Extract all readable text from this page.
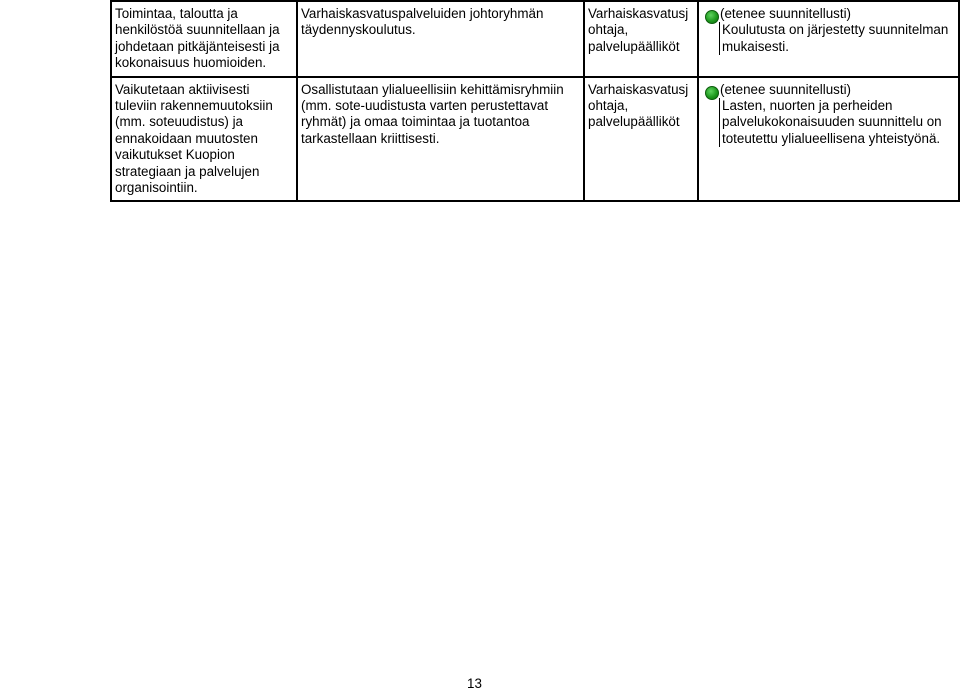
Toimintaa, taloutta ja henkilöstöä suunnitellaan ja johdetaan pitkäjänteisesti ja kokonaisuus huomioiden.	Varhaiskasvatuspalveluiden johtoryhmän täydennyskoulutus.	Varhaiskasvatusjohtaja, palvelupäälliköt	(etenee suunnitellusti)
Koulutusta on järjestetty suunnitelman mukaisesti.

Vaikutetaan aktiivisesti tuleviin rakennemuutoksiin (mm. soteuudistus) ja ennakoidaan muutosten vaikutukset Kuopion strategiaan ja palvelujen organisointiin.	Osallistutaan ylialueellisiin kehittämisryhmiin (mm. sote-uudistusta varten perustettavat ryhmät) ja omaa toimintaa ja tuotantoa tarkastellaan kriittisesti.	Varhaiskasvatusjohtaja, palvelupäälliköt	(etenee suunnitellusti)
Lasten, nuorten ja perheiden palvelukokonaisuuden suunnittelu on toteutettu ylialueellisena yhteistyönä.
13
